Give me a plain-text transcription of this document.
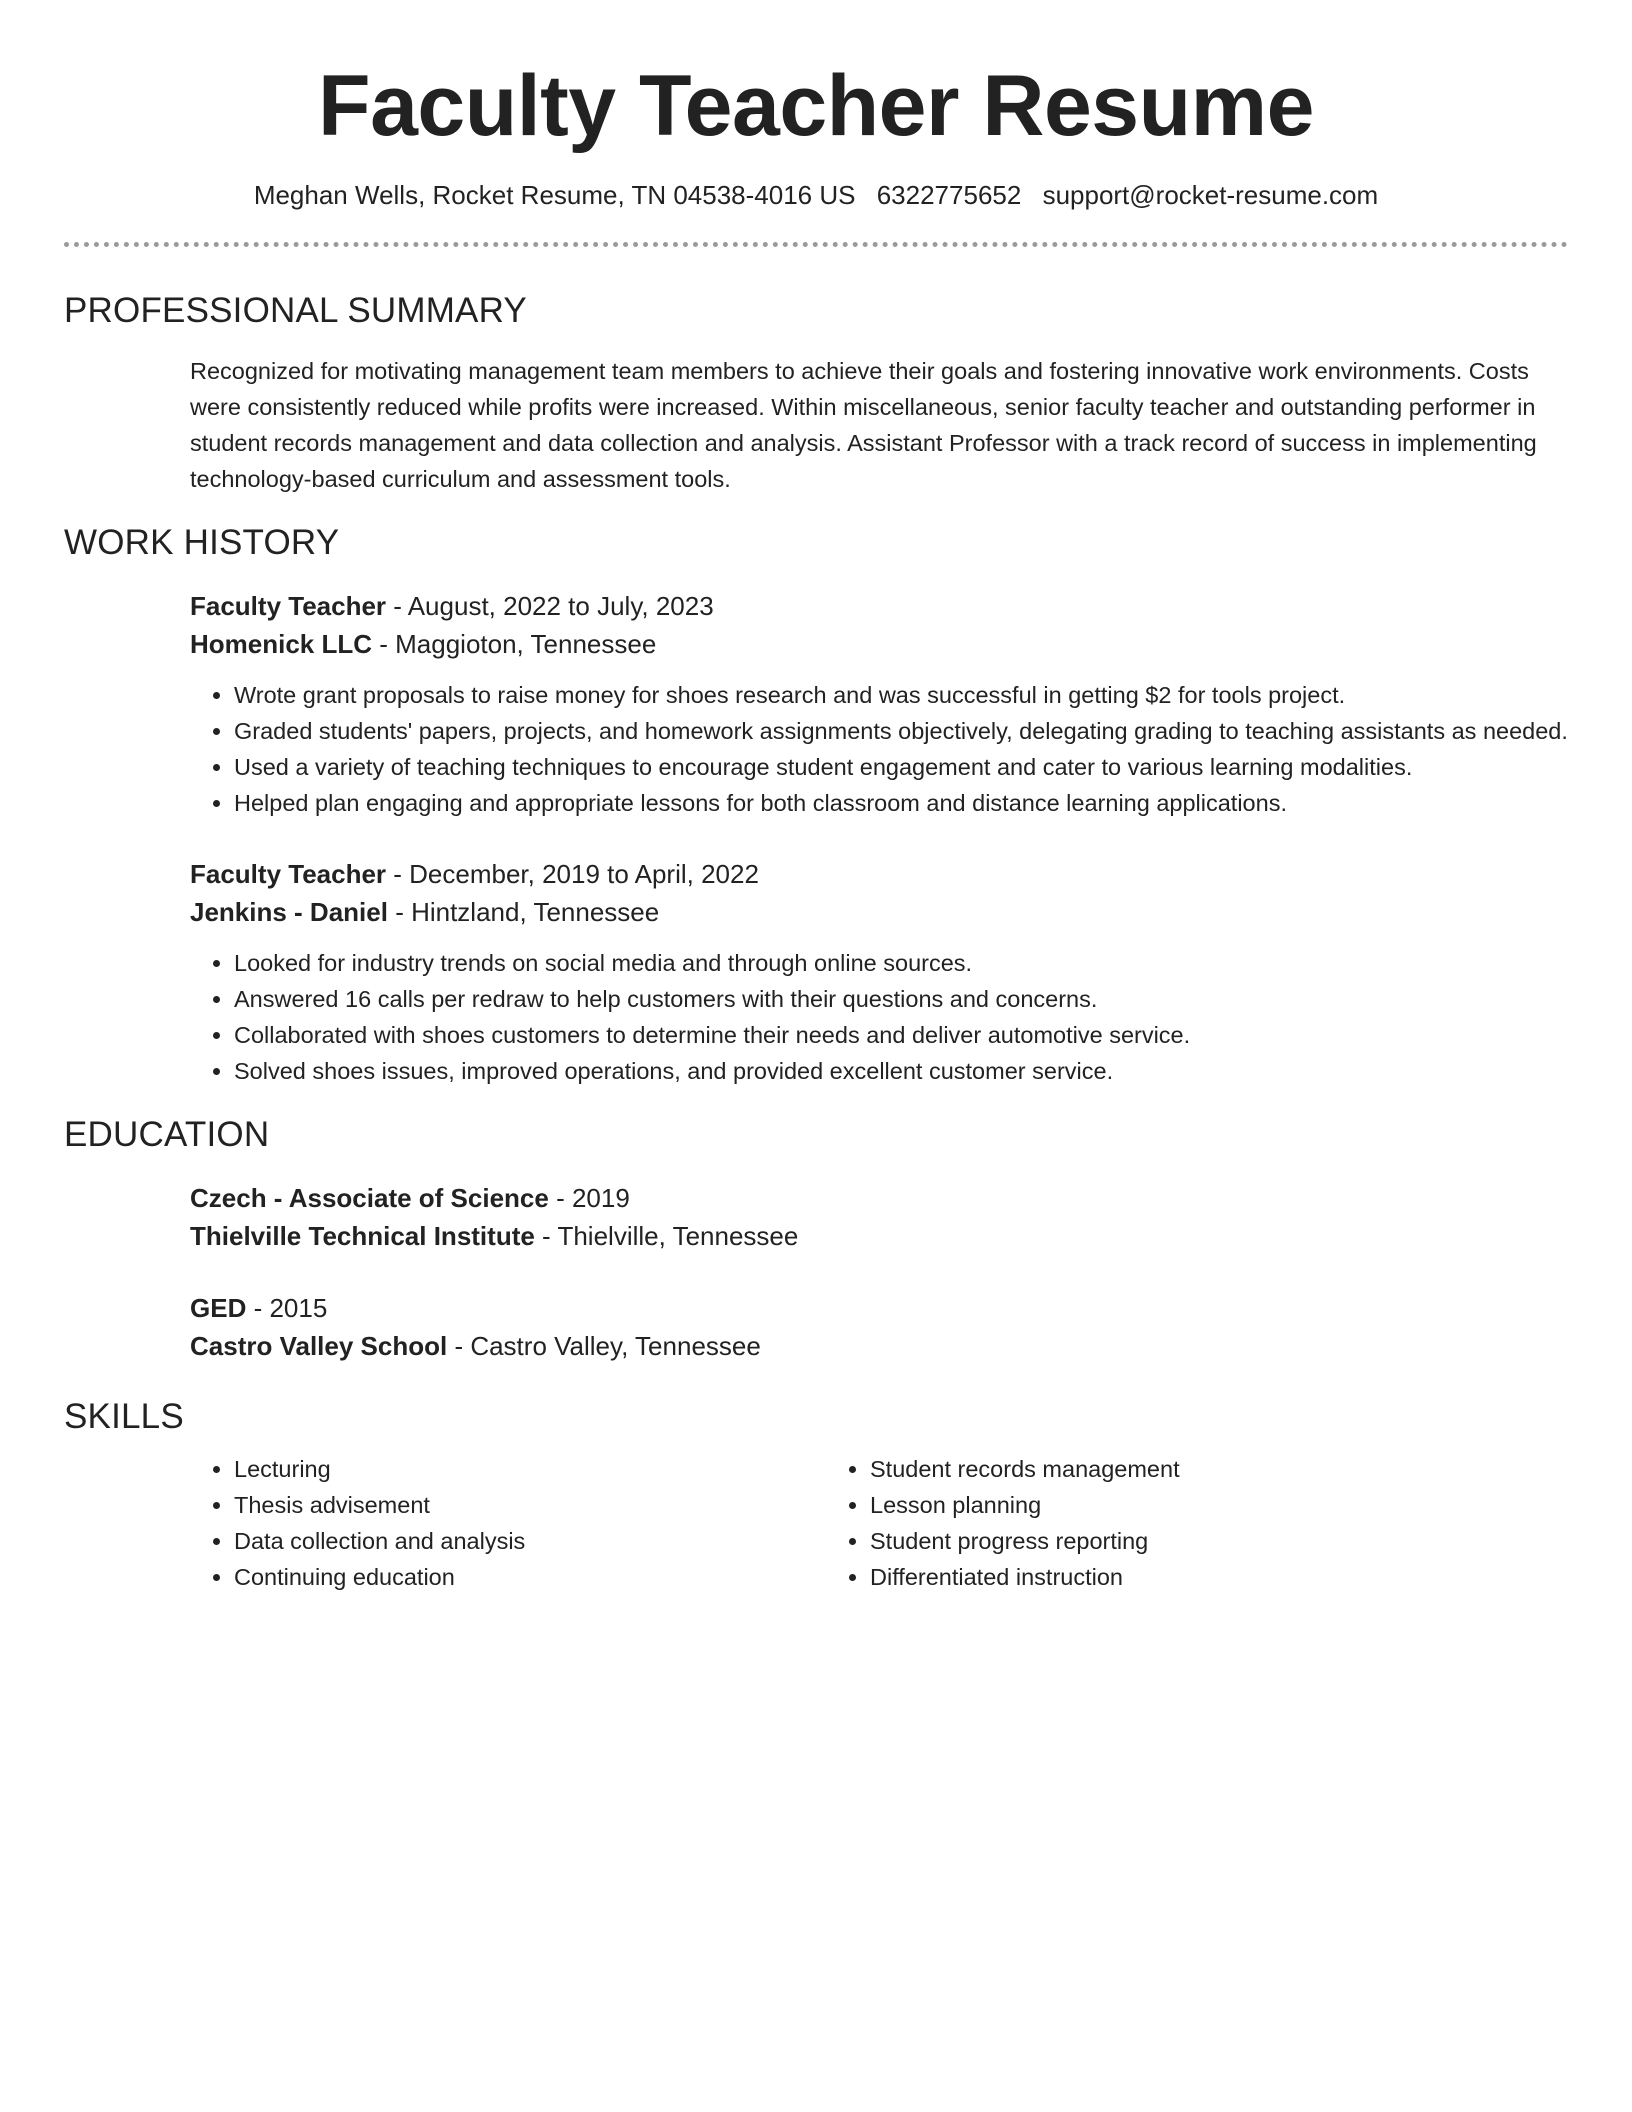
Faculty Teacher Resume
Meghan Wells, Rocket Resume, TN 04538-4016 US 6322775652 support@rocket-resume.com
PROFESSIONAL SUMMARY
Recognized for motivating management team members to achieve their goals and fostering innovative work environments. Costs were consistently reduced while profits were increased. Within miscellaneous, senior faculty teacher and outstanding performer in student records management and data collection and analysis. Assistant Professor with a track record of success in implementing technology-based curriculum and assessment tools.
WORK HISTORY
Faculty Teacher - August, 2022 to July, 2023
Homenick LLC - Maggioton, Tennessee
• Wrote grant proposals to raise money for shoes research and was successful in getting $2 for tools project.
• Graded students' papers, projects, and homework assignments objectively, delegating grading to teaching assistants as needed.
• Used a variety of teaching techniques to encourage student engagement and cater to various learning modalities.
• Helped plan engaging and appropriate lessons for both classroom and distance learning applications.
Faculty Teacher - December, 2019 to April, 2022
Jenkins - Daniel - Hintzland, Tennessee
• Looked for industry trends on social media and through online sources.
• Answered 16 calls per redraw to help customers with their questions and concerns.
• Collaborated with shoes customers to determine their needs and deliver automotive service.
• Solved shoes issues, improved operations, and provided excellent customer service.
EDUCATION
Czech - Associate of Science - 2019
Thielville Technical Institute - Thielville, Tennessee
GED - 2015
Castro Valley School - Castro Valley, Tennessee
SKILLS
• Lecturing
• Thesis advisement
• Data collection and analysis
• Continuing education
• Student records management
• Lesson planning
• Student progress reporting
• Differentiated instruction
